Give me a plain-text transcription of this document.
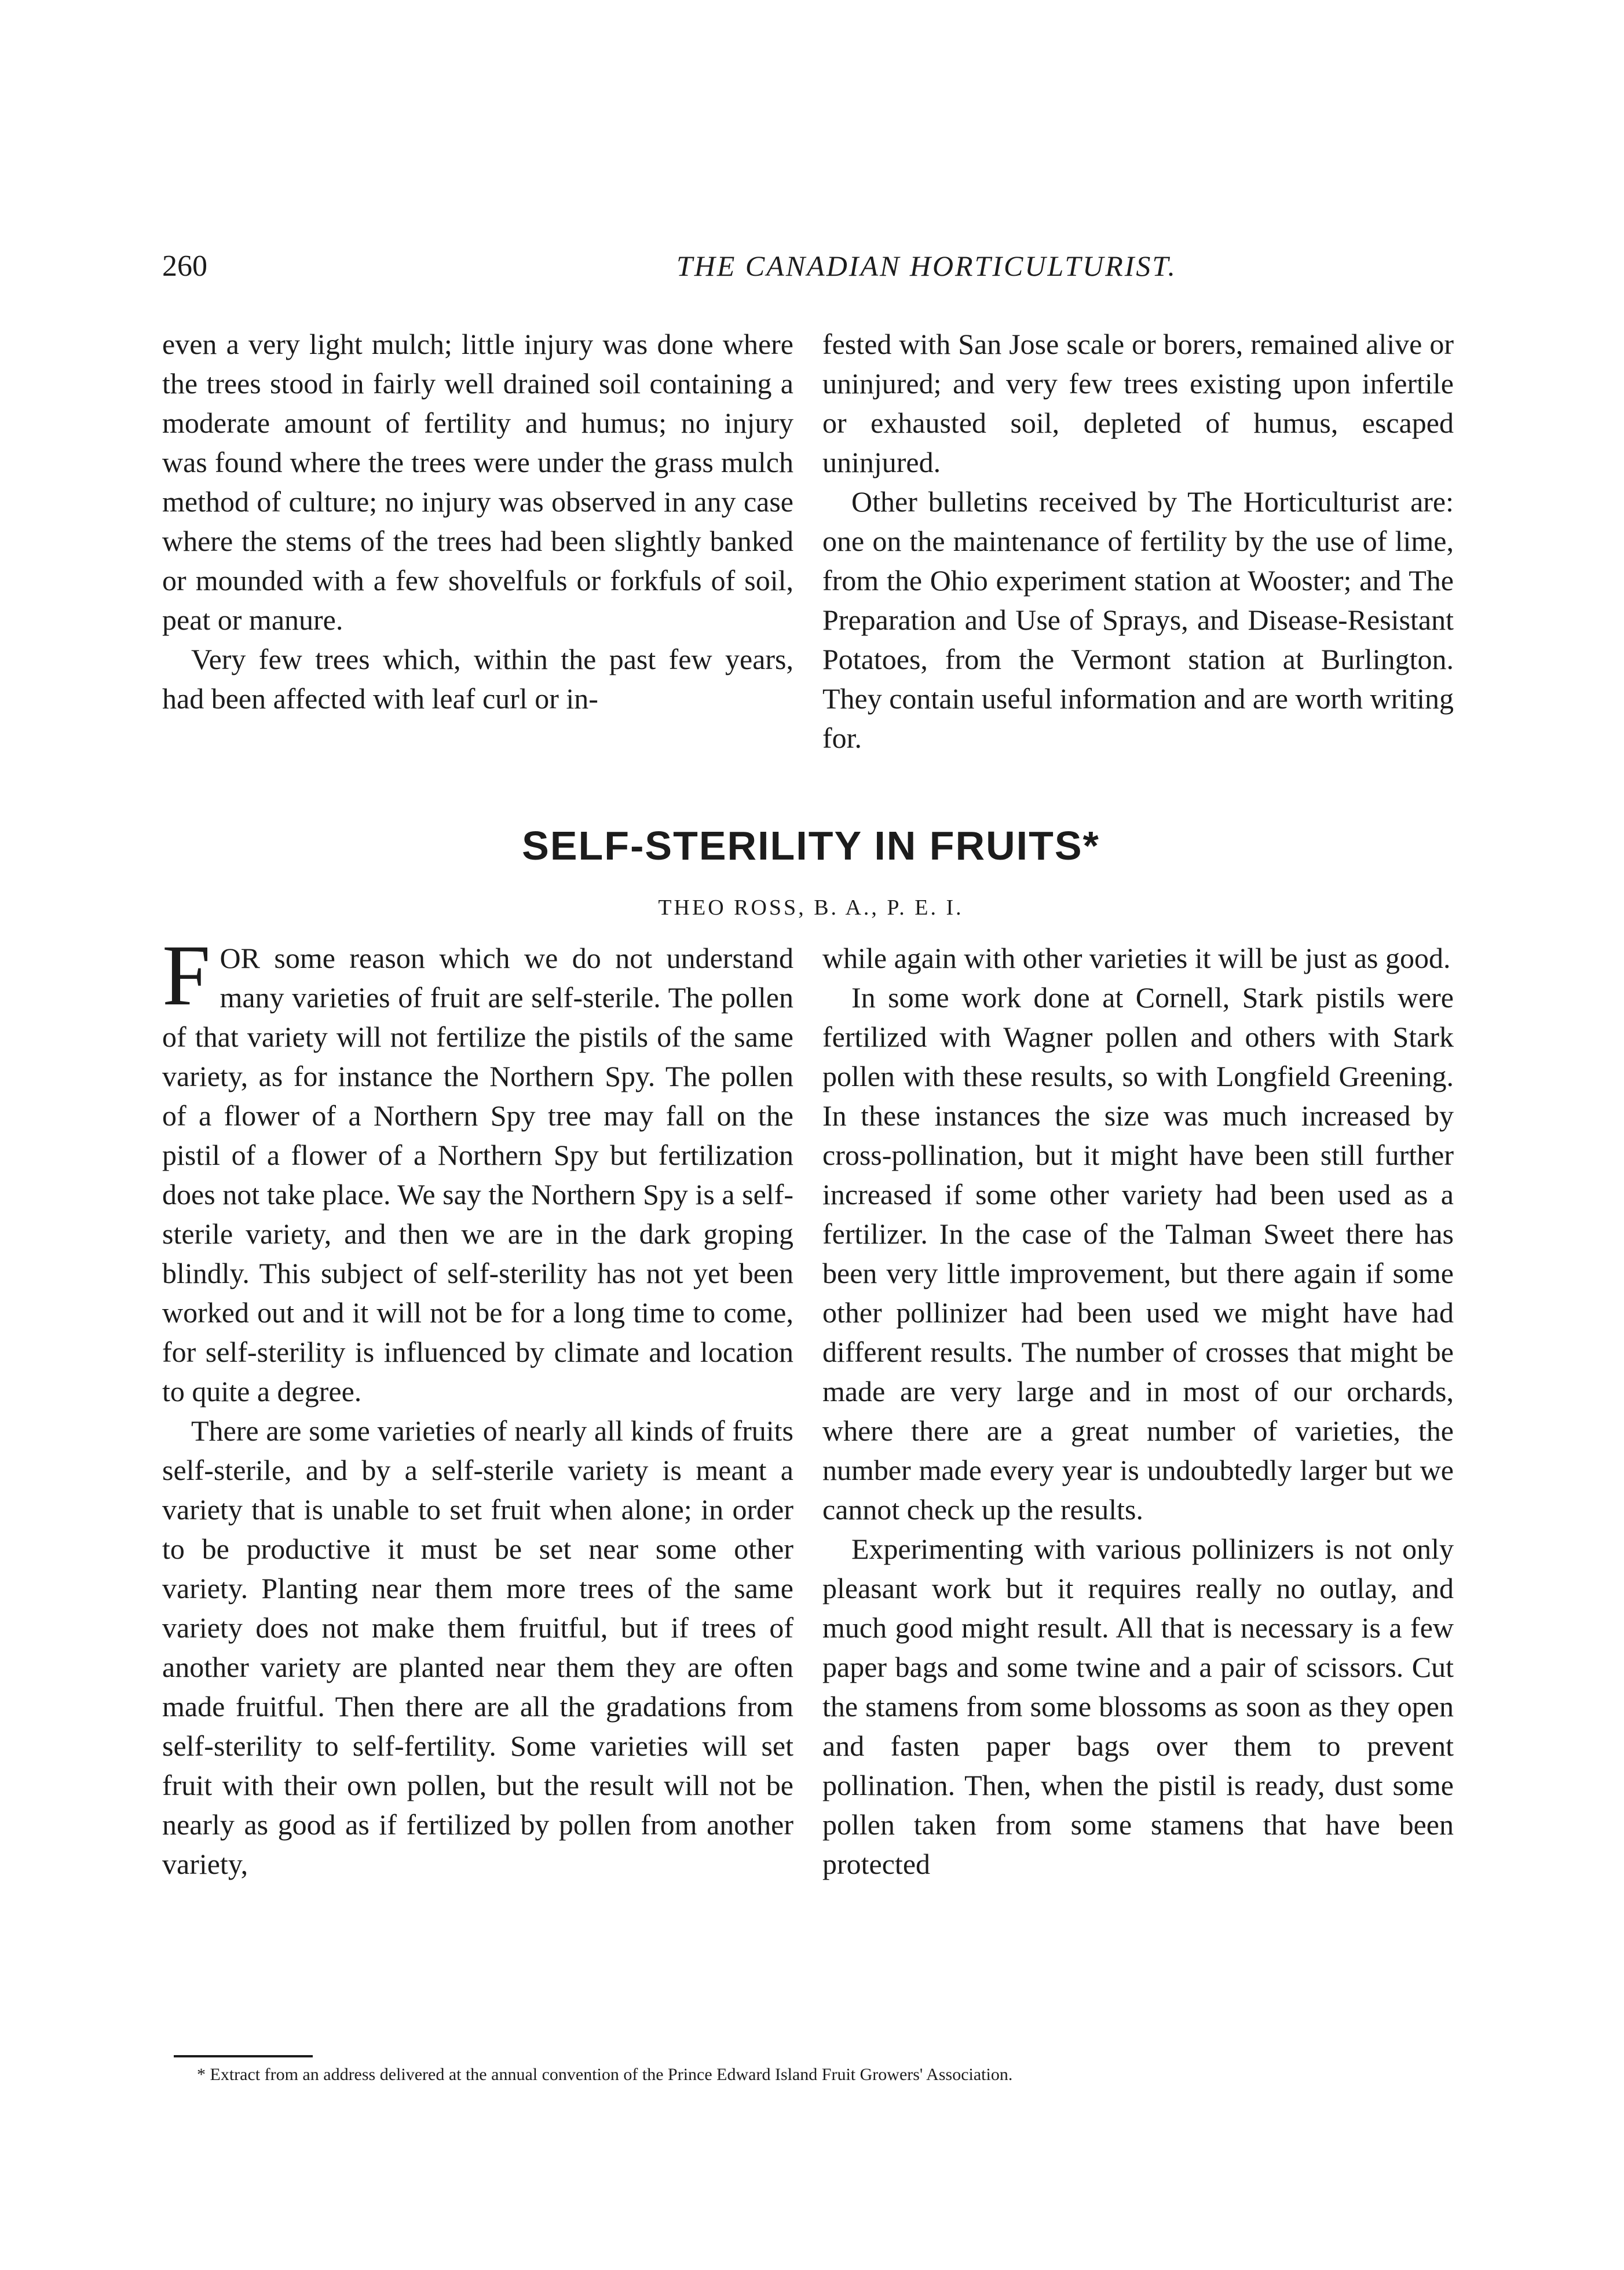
260	THE CANADIAN HORTICULTURIST.

even a very light mulch; little injury was done where the trees stood in fairly well drained soil containing a moderate amount of fertility and humus; no injury was found where the trees were under the grass mulch method of culture; no injury was observed in any case where the stems of the trees had been slightly banked or mounded with a few shovelfuls or forkfuls of soil, peat or manure.

Very few trees which, within the past few years, had been affected with leaf curl or in-

fested with San Jose scale or borers, remained alive or uninjured; and very few trees existing upon infertile or exhausted soil, depleted of humus, escaped uninjured.

Other bulletins received by The Horticulturist are: one on the maintenance of fertility by the use of lime, from the Ohio experiment station at Wooster; and The Preparation and Use of Sprays, and Disease-Resistant Potatoes, from the Vermont station at Burlington. They contain useful information and are worth writing for.

SELF-STERILITY IN FRUITS*
THEO ROSS, B. A., P. E. I.

FOR some reason which we do not understand many varieties of fruit are self-sterile. The pollen of that variety will not fertilize the pistils of the same variety, as for instance the Northern Spy. The pollen of a flower of a Northern Spy tree may fall on the pistil of a flower of a Northern Spy but fertilization does not take place. We say the Northern Spy is a self-sterile variety, and then we are in the dark groping blindly. This subject of self-sterility has not yet been worked out and it will not be for a long time to come, for self-sterility is influenced by climate and location to quite a degree.

There are some varieties of nearly all kinds of fruits self-sterile, and by a self-sterile variety is meant a variety that is unable to set fruit when alone; in order to be productive it must be set near some other variety. Planting near them more trees of the same variety does not make them fruitful, but if trees of another variety are planted near them they are often made fruitful. Then there are all the gradations from self-sterility to self-fertility. Some varieties will set fruit with their own pollen, but the result will not be nearly as good as if fertilized by pollen from another variety,

while again with other varieties it will be just as good.

In some work done at Cornell, Stark pistils were fertilized with Wagner pollen and others with Stark pollen with these results, so with Longfield Greening. In these instances the size was much increased by cross-pollination, but it might have been still further increased if some other variety had been used as a fertilizer. In the case of the Talman Sweet there has been very little improvement, but there again if some other pollinizer had been used we might have had different results. The number of crosses that might be made are very large and in most of our orchards, where there are a great number of varieties, the number made every year is undoubtedly larger but we cannot check up the results.

Experimenting with various pollinizers is not only pleasant work but it requires really no outlay, and much good might result. All that is necessary is a few paper bags and some twine and a pair of scissors. Cut the stamens from some blossoms as soon as they open and fasten paper bags over them to prevent pollination. Then, when the pistil is ready, dust some pollen taken from some stamens that have been protected

* Extract from an address delivered at the annual convention of the Prince Edward Island Fruit Growers' Association.
